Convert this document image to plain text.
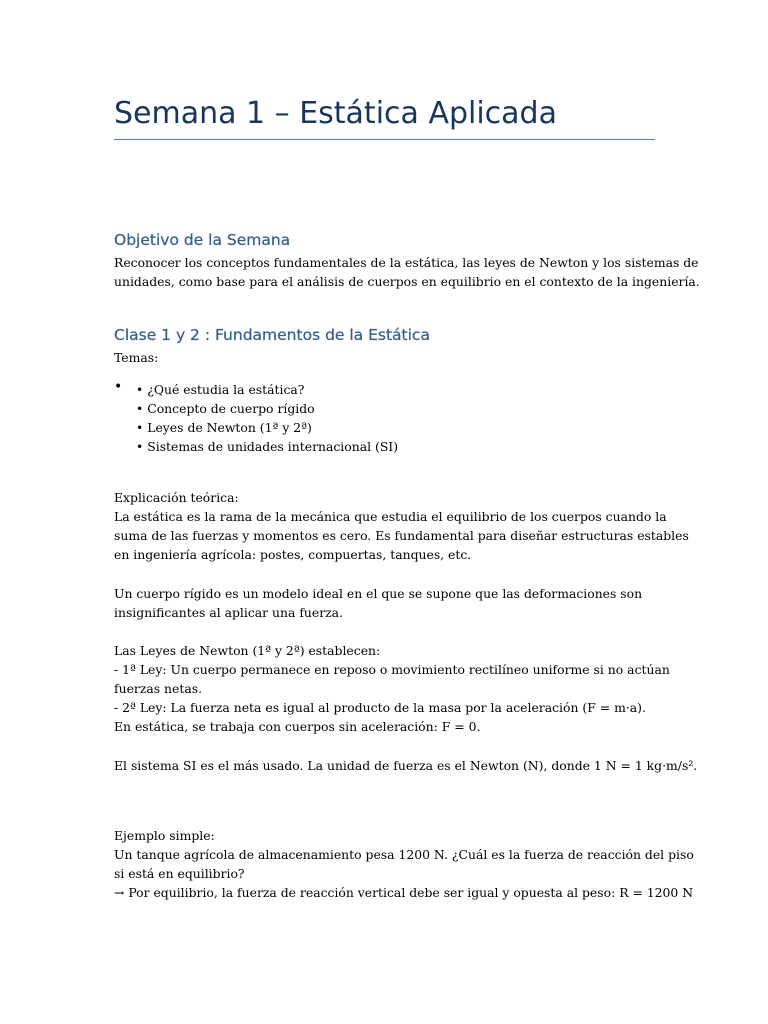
Semana 1 – Estática Aplicada
Objetivo de la Semana

Reconocer los conceptos fundamentales de la estática, las leyes de Newton y los sistemas de

unidades, como base para el análisis de cuerpos en equilibrio en el contexto de la ingeniería.

Clase 1 y 2 : Fundamentos de la Estática

Temas:

• • ¿Qué estudia la estática?
• Concepto de cuerpo rígido
• Leyes de Newton (1ª y 2ª)
• Sistemas de unidades internacional (SI)

Explicación teórica:

La estática es la rama de la mecánica que estudia el equilibrio de los cuerpos cuando la

suma de las fuerzas y momentos es cero. Es fundamental para diseñar estructuras estables

en ingeniería agrícola: postes, compuertas, tanques, etc.

Un cuerpo rígido es un modelo ideal en el que se supone que las deformaciones son

insignificantes al aplicar una fuerza.

Las Leyes de Newton (1ª y 2ª) establecen:

- 1ª Ley: Un cuerpo permanece en reposo o movimiento rectilíneo uniforme si no actúan

fuerzas netas.

- 2ª Ley: La fuerza neta es igual al producto de la masa por la aceleración (F = m·a).

En estática, se trabaja con cuerpos sin aceleración: F = 0.

El sistema SI es el más usado. La unidad de fuerza es el Newton (N), donde 1 N = 1 kg·m/s².

Ejemplo simple:

Un tanque agrícola de almacenamiento pesa 1200 N. ¿Cuál es la fuerza de reacción del piso

si está en equilibrio?

→ Por equilibrio, la fuerza de reacción vertical debe ser igual y opuesta al peso: R = 1200 N
